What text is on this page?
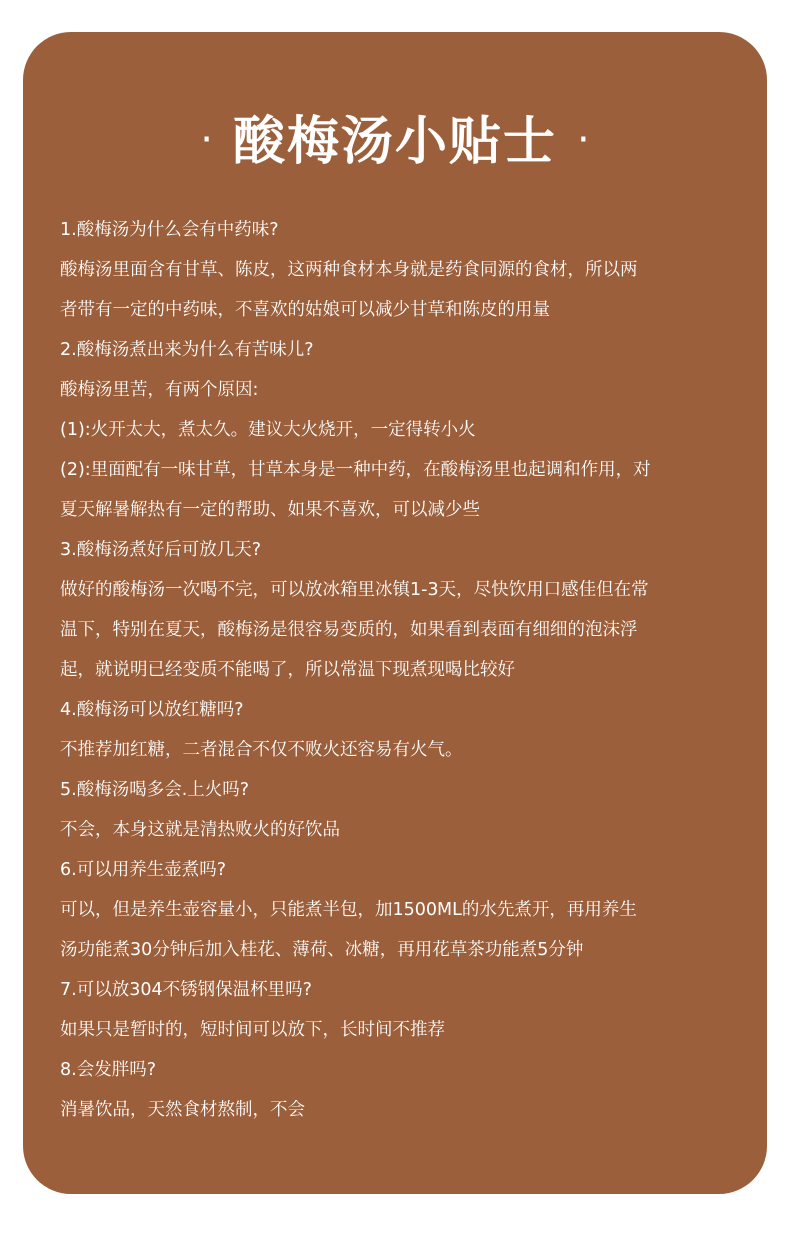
· 酸梅汤小贴士 ·
1.酸梅汤为什么会有中药味?
酸梅汤里面含有甘草、陈皮，这两种食材本身就是药食同源的食材，所以两
者带有一定的中药味，不喜欢的姑娘可以减少甘草和陈皮的用量
2.酸梅汤煮出来为什么有苦味儿?
酸梅汤里苦，有两个原因:
(1):火开太大，煮太久。建议大火烧开，一定得转小火
(2):里面配有一味甘草，甘草本身是一种中药，在酸梅汤里也起调和作用，对
夏天解暑解热有一定的帮助、如果不喜欢，可以减少些
3.酸梅汤煮好后可放几天?
做好的酸梅汤一次喝不完，可以放冰箱里冰镇1-3天，尽快饮用口感佳但在常
温下，特别在夏天，酸梅汤是很容易变质的，如果看到表面有细细的泡沫浮
起，就说明已经变质不能喝了，所以常温下现煮现喝比较好
4.酸梅汤可以放红糖吗?
不推荐加红糖，二者混合不仅不败火还容易有火气。
5.酸梅汤喝多会.上火吗?
不会，本身这就是清热败火的好饮品
6.可以用养生壶煮吗?
可以，但是养生壶容量小，只能煮半包，加1500ML的水先煮开，再用养生
汤功能煮30分钟后加入桂花、薄荷、冰糖，再用花草茶功能煮5分钟
7.可以放304不锈钢保温杯里吗?
如果只是暂时的，短时间可以放下，长时间不推荐
8.会发胖吗?
消暑饮品，天然食材熬制，不会
